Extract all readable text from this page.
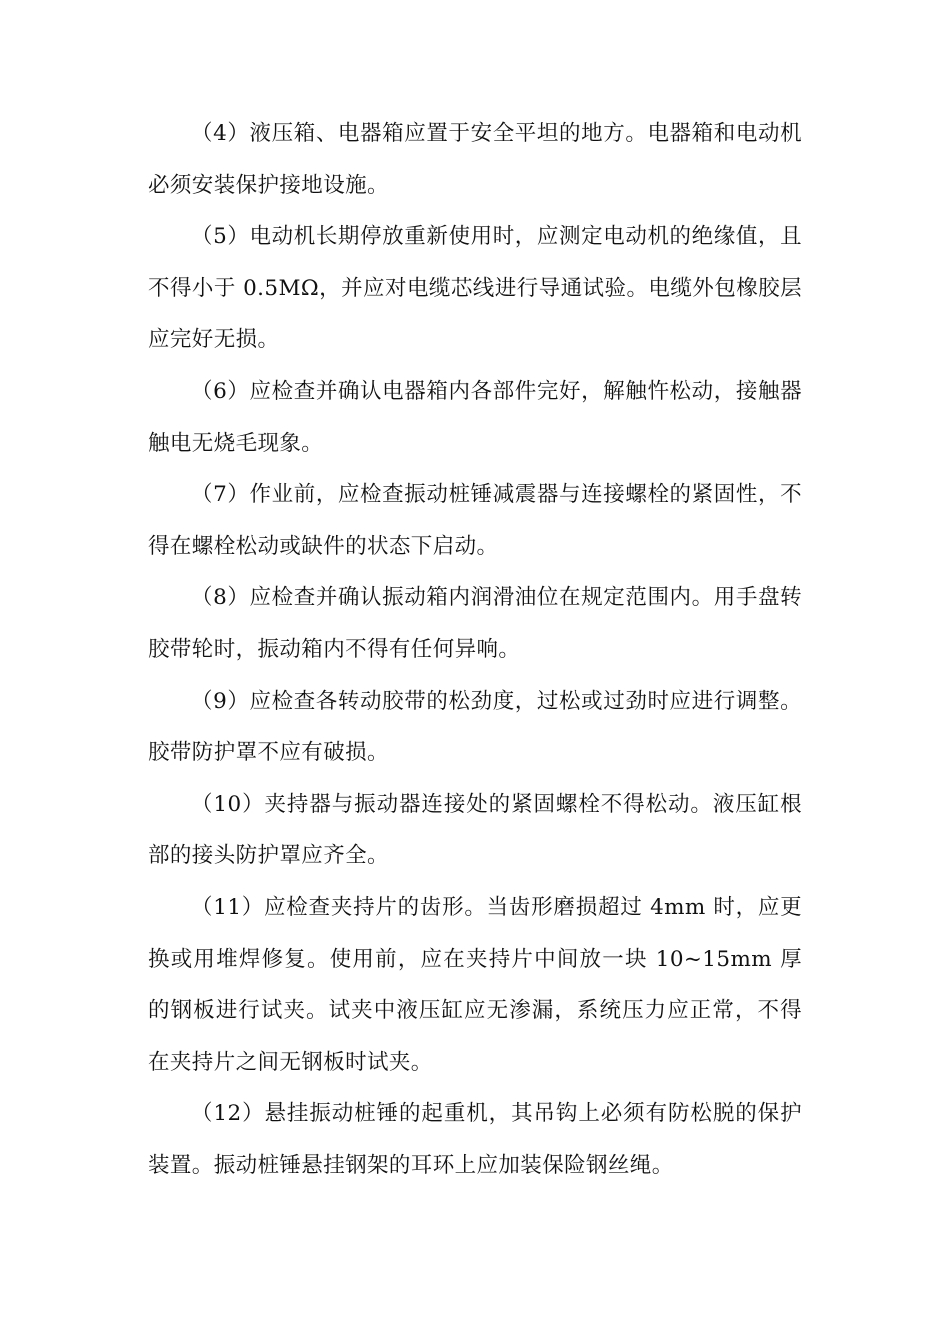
（4）液压箱、电器箱应置于安全平坦的地方。电器箱和电动机必须安装保护接地设施。

（5）电动机长期停放重新使用时，应测定电动机的绝缘值，且不得小于 0.5MΩ，并应对电缆芯线进行导通试验。电缆外包橡胶层应完好无损。

（6）应检查并确认电器箱内各部件完好，解触忤松动，接触器触电无烧毛现象。

（7）作业前，应检查振动桩锤减震器与连接螺栓的紧固性，不得在螺栓松动或缺件的状态下启动。

（8）应检查并确认振动箱内润滑油位在规定范围内。用手盘转胶带轮时，振动箱内不得有任何异响。

（9）应检查各转动胶带的松劲度，过松或过劲时应进行调整。胶带防护罩不应有破损。

（10）夹持器与振动器连接处的紧固螺栓不得松动。液压缸根部的接头防护罩应齐全。

（11）应检查夹持片的齿形。当齿形磨损超过 4mm 时，应更换或用堆焊修复。使用前，应在夹持片中间放一块 10~15mm 厚的钢板进行试夹。试夹中液压缸应无渗漏，系统压力应正常，不得在夹持片之间无钢板时试夹。

（12）悬挂振动桩锤的起重机，其吊钩上必须有防松脱的保护装置。振动桩锤悬挂钢架的耳环上应加装保险钢丝绳。
